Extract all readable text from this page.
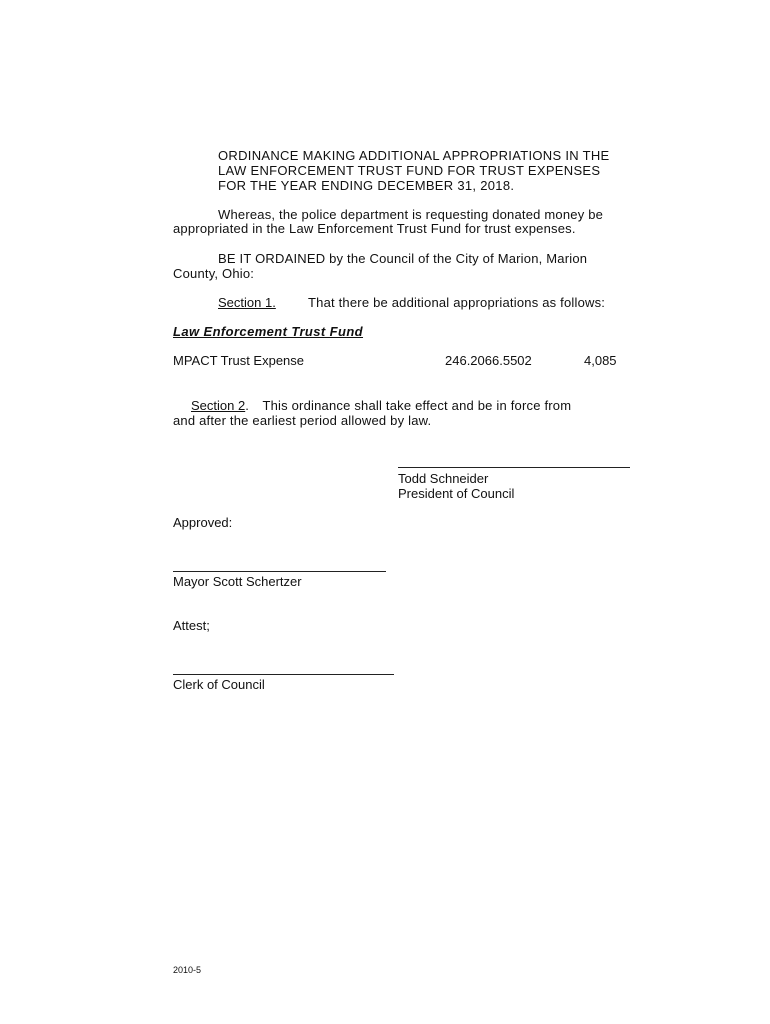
ORDINANCE MAKING ADDITIONAL APPROPRIATIONS IN THE
LAW ENFORCEMENT TRUST FUND FOR TRUST EXPENSES
FOR THE YEAR ENDING DECEMBER 31, 2018.
Whereas, the police department is requesting donated money be
appropriated in the Law Enforcement Trust Fund for trust expenses.
BE IT ORDAINED by the Council of the City of Marion, Marion
County, Ohio:
Section 1. That there be additional appropriations as follows:
Law Enforcement Trust Fund
MPACT Trust Expense	246.2066.5502	4,085
Section 2. This ordinance shall take effect and be in force from
and after the earliest period allowed by law.
Todd Schneider
President of Council
Approved:
Mayor Scott Schertzer
Attest;
Clerk of Council
2010-5
